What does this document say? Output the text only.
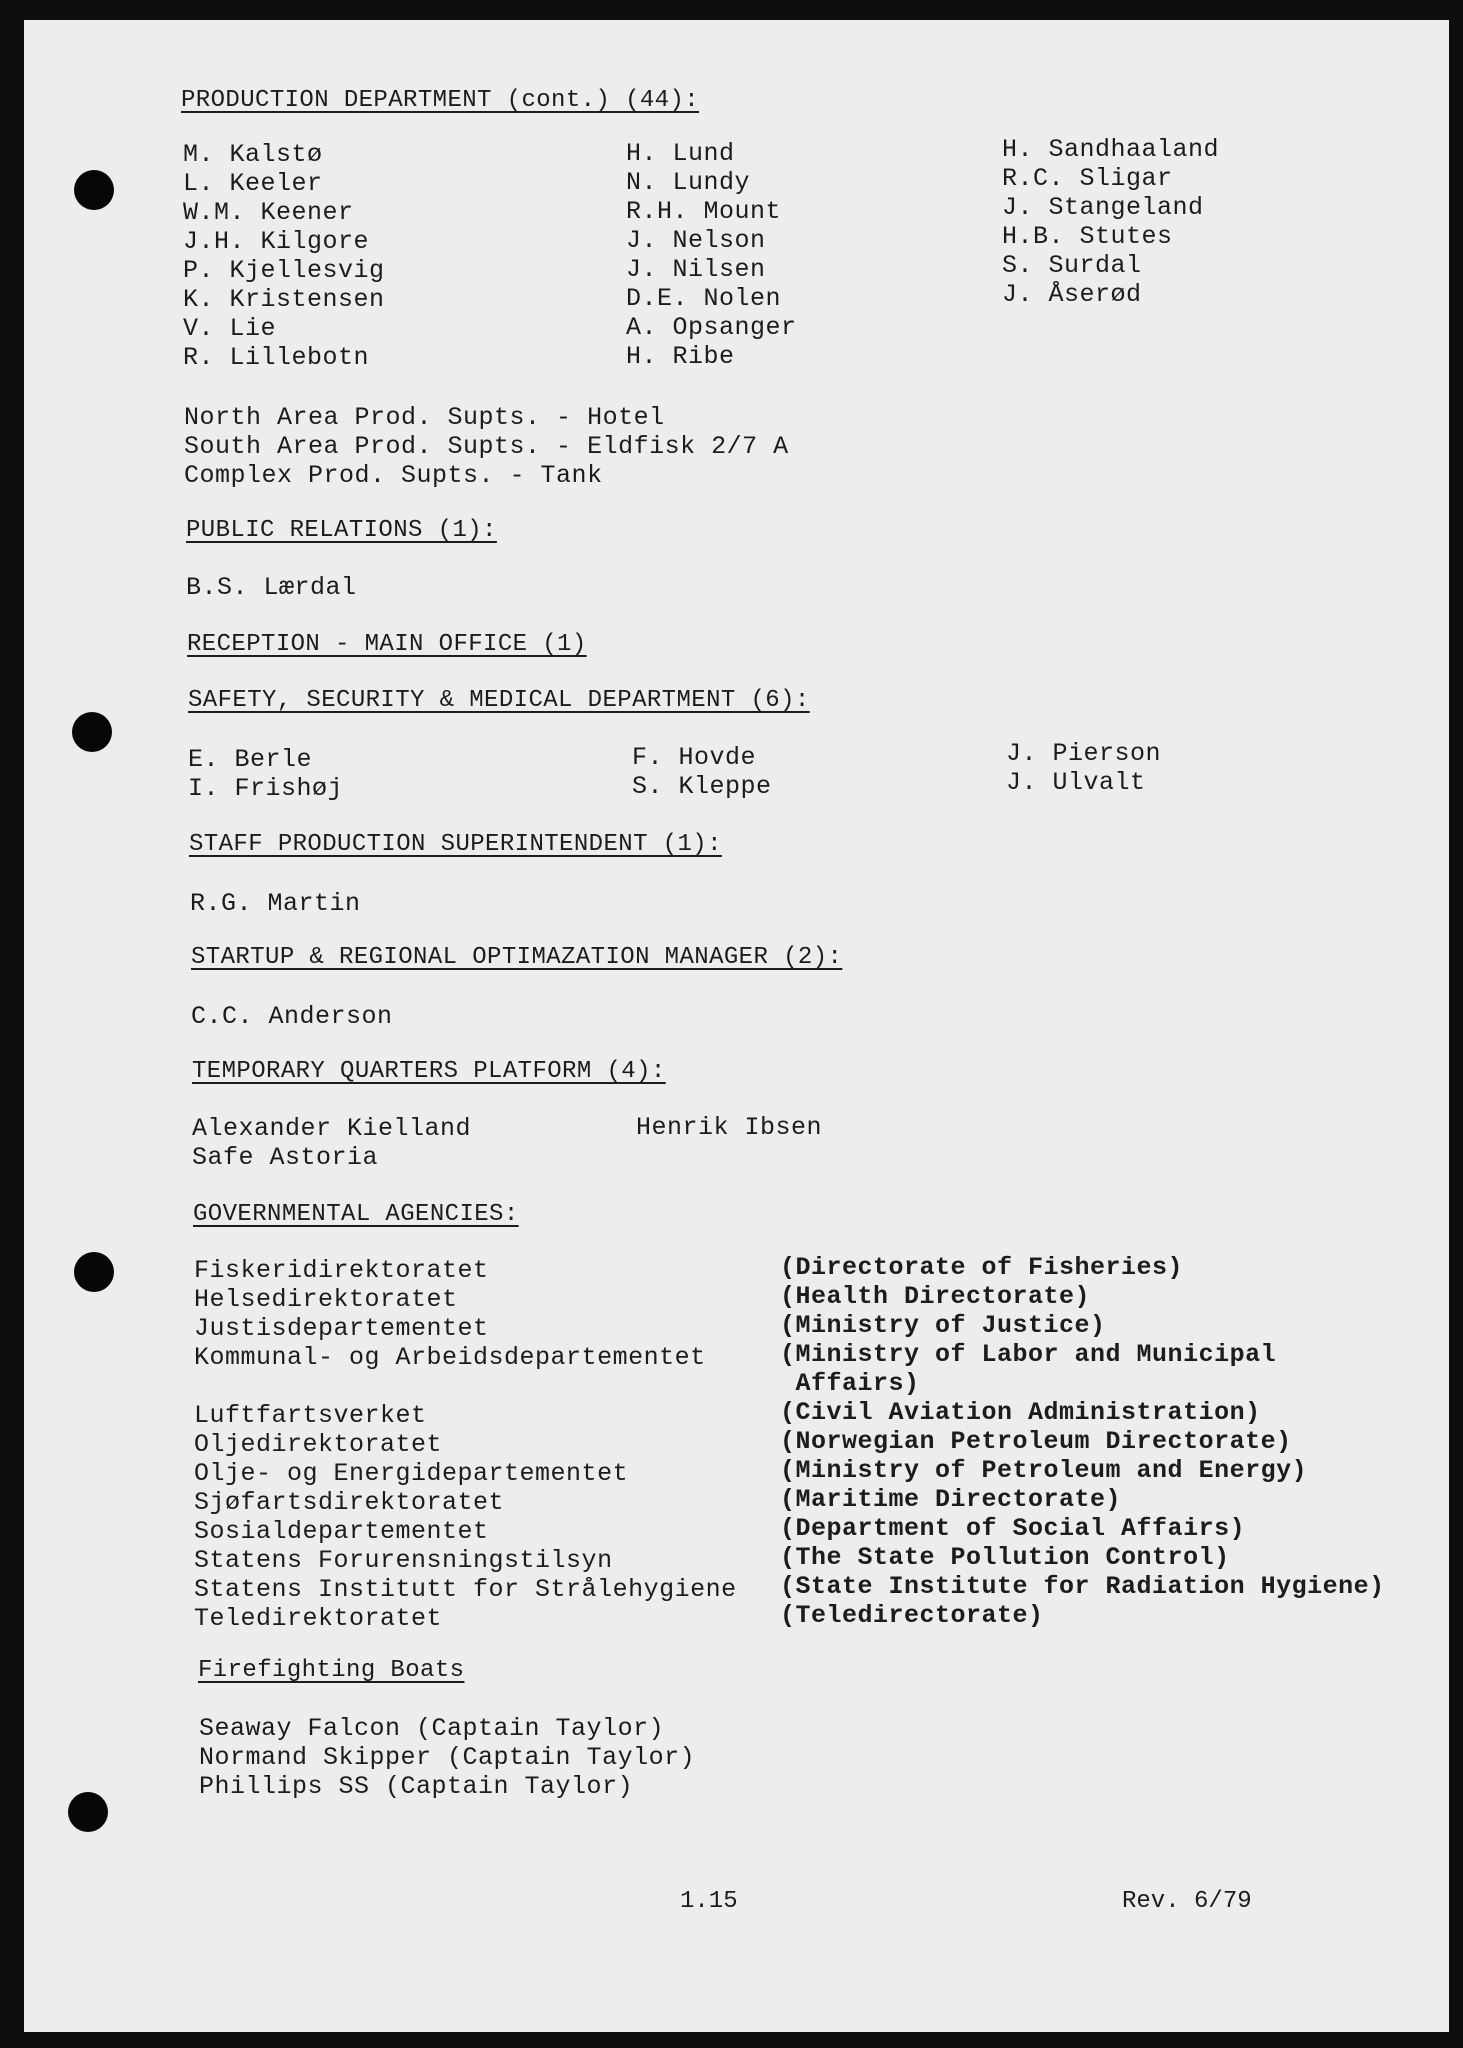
PRODUCTION DEPARTMENT (cont.) (44):
M. Kalstø
L. Keeler
W.M. Keener
J.H. Kilgore
P. Kjellesvig
K. Kristensen
V. Lie
R. Lillebotn
H. Lund
N. Lundy
R.H. Mount
J. Nelson
J. Nilsen
D.E. Nolen
A. Opsanger
H. Ribe
H. Sandhaaland
R.C. Sligar
J. Stangeland
H.B. Stutes
S. Surdal
J. Åserød
North Area Prod. Supts. - Hotel
South Area Prod. Supts. - Eldfisk 2/7 A
Complex Prod. Supts. - Tank
PUBLIC RELATIONS (1):
B.S. Lærdal
RECEPTION - MAIN OFFICE (1)
SAFETY, SECURITY & MEDICAL DEPARTMENT (6):
E. Berle
I. Frishøj
F. Hovde
S. Kleppe
J. Pierson
J. Ulvalt
STAFF PRODUCTION SUPERINTENDENT (1):
R.G. Martin
STARTUP & REGIONAL OPTIMAZATION MANAGER (2):
C.C. Anderson
TEMPORARY QUARTERS PLATFORM (4):
Alexander Kielland
Safe Astoria
Henrik Ibsen
GOVERNMENTAL AGENCIES:
Fiskeridirektoratet
Helsedirektoratet
Justisdepartementet
Kommunal- og Arbeidsdepartementet

Luftfartsverket
Oljedirektoratet
Olje- og Energidepartementet
Sjøfartsdirektoratet
Sosialdepartementet
Statens Forurensningstilsyn
Statens Institutt for Strålehygiene
Teledirektoratet
(Directorate of Fisheries)
(Health Directorate)
(Ministry of Justice)
(Ministry of Labor and Municipal
Affairs)
(Civil Aviation Administration)
(Norwegian Petroleum Directorate)
(Ministry of Petroleum and Energy)
(Maritime Directorate)
(Department of Social Affairs)
(The State Pollution Control)
(State Institute for Radiation Hygiene)
(Teledirectorate)
Firefighting Boats
Seaway Falcon (Captain Taylor)
Normand Skipper (Captain Taylor)
Phillips SS (Captain Taylor)
1.15	Rev. 6/79
